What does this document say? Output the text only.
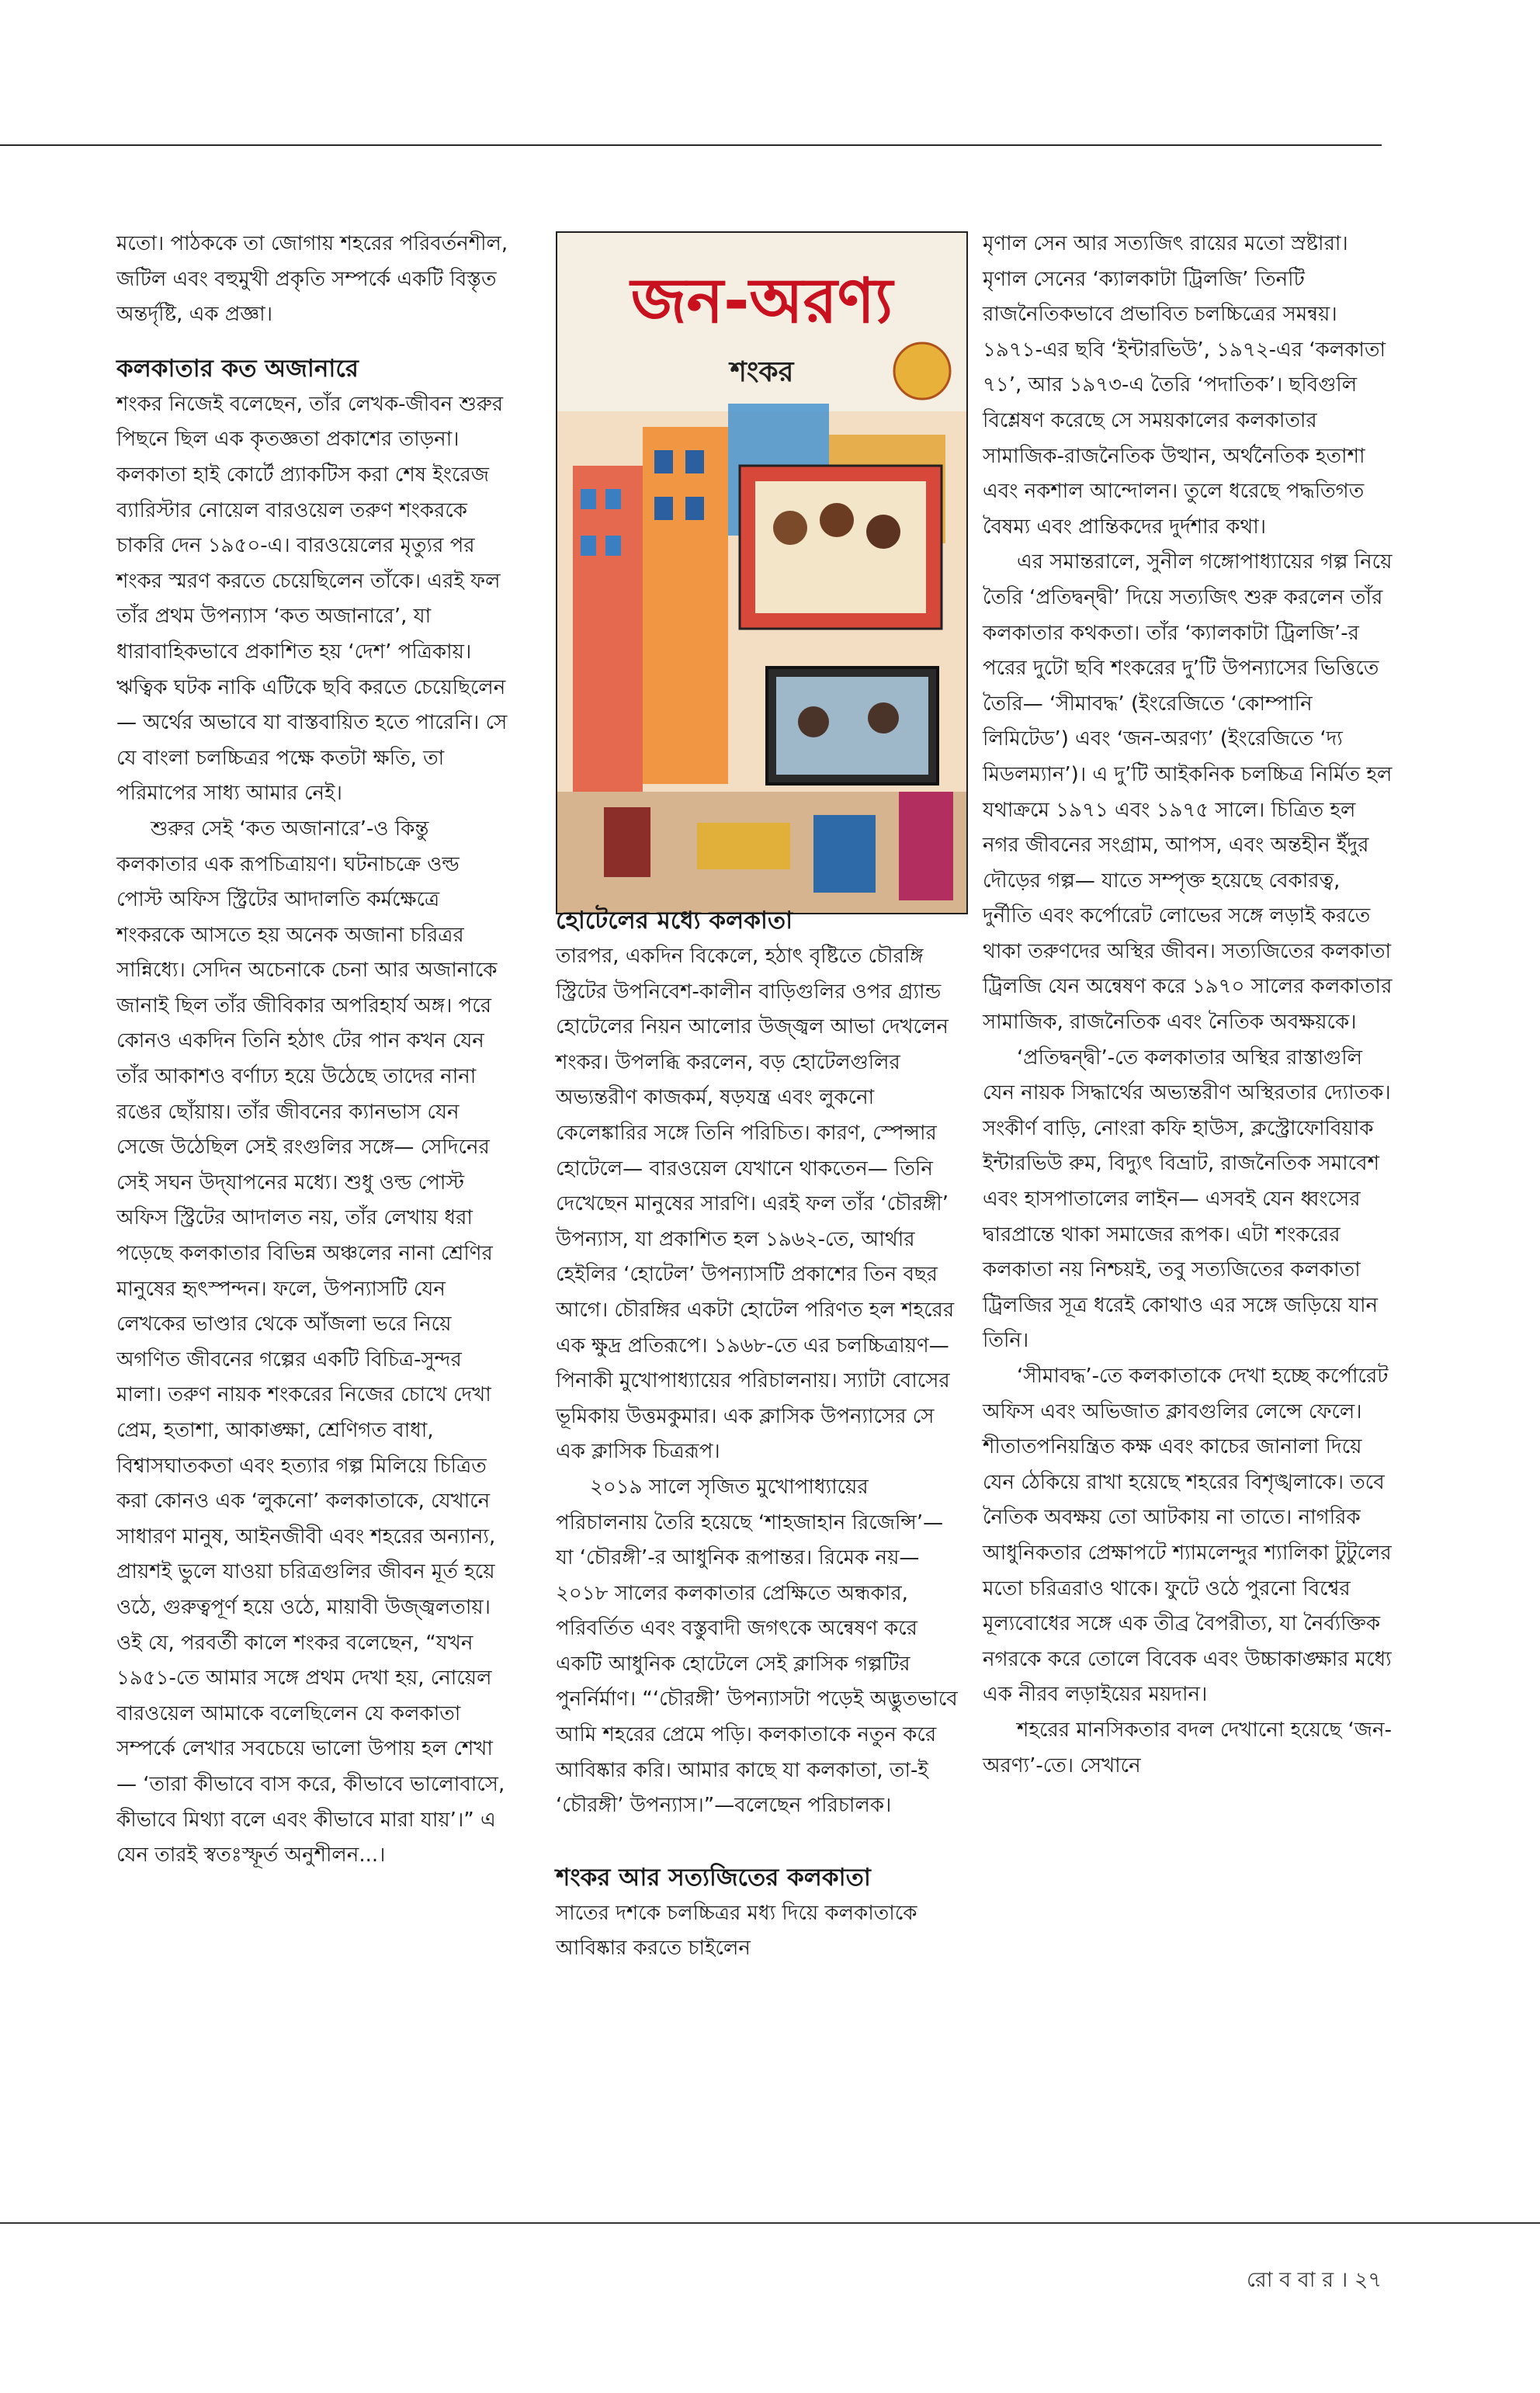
মতো। পাঠককে তা জোগায় শহরের পরিবর্তনশীল, জটিল এবং বহুমুখী প্রকৃতি সম্পর্কে একটি বিস্তৃত অন্তর্দৃষ্টি, এক প্রজ্ঞা।

কলকাতার কত অজানারে

শংকর নিজেই বলেছেন, তাঁর লেখক-জীবন শুরুর পিছনে ছিল এক কৃতজ্ঞতা প্রকাশের তাড়না। কলকাতা হাই কোর্টে প্র্যাকটিস করা শেষ ইংরেজ ব্যারিস্টার নোয়েল বারওয়েল তরুণ শংকরকে চাকরি দেন ১৯৫০-এ। বারওয়েলের মৃত্যুর পর শংকর স্মরণ করতে চেয়েছিলেন তাঁকে। এরই ফল তাঁর প্রথম উপন্যাস ‘কত অজানারে’, যা ধারাবাহিকভাবে প্রকাশিত হয় ‘দেশ’ পত্রিকায়। ঋত্বিক ঘটক নাকি এটিকে ছবি করতে চেয়েছিলেন— অর্থের অভাবে যা বাস্তবায়িত হতে পারেনি। সে যে বাংলা চলচ্চিত্রর পক্ষে কতটা ক্ষতি, তা পরিমাপের সাধ্য আমার নেই।

শুরুর সেই ‘কত অজানারে’-ও কিন্তু কলকাতার এক রূপচিত্রায়ণ। ঘটনাচক্রে ওল্ড পোস্ট অফিস স্ট্রিটের আদালতি কর্মক্ষেত্রে শংকরকে আসতে হয় অনেক অজানা চরিত্রর সান্নিধ্যে। সেদিন অচেনাকে চেনা আর অজানাকে জানাই ছিল তাঁর জীবিকার অপরিহার্য অঙ্গ। পরে কোনও একদিন তিনি হঠাৎ টের পান কখন যেন তাঁর আকাশও বর্ণাঢ্য হয়ে উঠেছে তাদের নানা রঙের ছোঁয়ায়। তাঁর জীবনের ক্যানভাস যেন সেজে উঠেছিল সেই রংগুলির সঙ্গে— সেদিনের সেই সঘন উদ্‌যাপনের মধ্যে। শুধু ওল্ড পোস্ট অফিস স্ট্রিটের আদালত নয়, তাঁর লেখায় ধরা পড়েছে কলকাতার বিভিন্ন অঞ্চলের নানা শ্রেণির মানুষের হৃৎস্পন্দন। ফলে, উপন্যাসটি যেন লেখকের ভাণ্ডার থেকে আঁজলা ভরে নিয়ে অগণিত জীবনের গল্পের একটি বিচিত্র-সুন্দর মালা। তরুণ নায়ক শংকরের নিজের চোখে দেখা প্রেম, হতাশা, আকাঙ্ক্ষা, শ্রেণিগত বাধা, বিশ্বাসঘাতকতা এবং হত্যার গল্প মিলিয়ে চিত্রিত করা কোনও এক ‘লুকনো’ কলকাতাকে, যেখানে সাধারণ মানুষ, আইনজীবী এবং শহরের অন্যান্য, প্রায়শই ভুলে যাওয়া চরিত্রগুলির জীবন মূর্ত হয়ে ওঠে, গুরুত্বপূর্ণ হয়ে ওঠে, মায়াবী উজ্জ্বলতায়। ওই যে, পরবর্তী কালে শংকর বলেছেন, “যখন ১৯৫১-তে আমার সঙ্গে প্রথম দেখা হয়, নোয়েল বারওয়েল আমাকে বলেছিলেন যে কলকাতা সম্পর্কে লেখার সবচেয়ে ভালো উপায় হল শেখা— ‘তারা কীভাবে বাস করে, কীভাবে ভালোবাসে, কীভাবে মিথ্যা বলে এবং কীভাবে মারা যায়’।” এ যেন তারই স্বতঃস্ফূর্ত অনুশীলন...।

জন-অরণ্য
শংকর
হোটেলের মধ্যে কলকাতা

তারপর, একদিন বিকেলে, হঠাৎ বৃষ্টিতে চৌরঙ্গি স্ট্রিটের উপনিবেশ-কালীন বাড়িগুলির ওপর গ্র্যান্ড হোটেলের নিয়ন আলোর উজ্জ্বল আভা দেখলেন শংকর। উপলব্ধি করলেন, বড় হোটেলগুলির অভ্যন্তরীণ কাজকর্ম, ষড়যন্ত্র এবং লুকনো কেলেঙ্কারির সঙ্গে তিনি পরিচিত। কারণ, স্পেন্সার হোটেলে— বারওয়েল যেখানে থাকতেন— তিনি দেখেছেন মানুষের সারণি। এরই ফল তাঁর ‘চৌরঙ্গী’ উপন্যাস, যা প্রকাশিত হল ১৯৬২-তে, আর্থার হেইলির ‘হোটেল’ উপন্যাসটি প্রকাশের তিন বছর আগে। চৌরঙ্গির একটা হোটেল পরিণত হল শহরের এক ক্ষুদ্র প্রতিরূপে। ১৯৬৮-তে এর চলচ্চিত্রায়ণ— পিনাকী মুখোপাধ্যায়ের পরিচালনায়। স্যাটা বোসের ভূমিকায় উত্তমকুমার। এক ক্লাসিক উপন্যাসের সে এক ক্লাসিক চিত্ররূপ।

২০১৯ সালে সৃজিত মুখোপাধ্যায়ের পরিচালনায় তৈরি হয়েছে ‘শাহজাহান রিজেন্সি’— যা ‘চৌরঙ্গী’-র আধুনিক রূপান্তর। রিমেক নয়— ২০১৮ সালের কলকাতার প্রেক্ষিতে অন্ধকার, পরিবর্তিত এবং বস্তুবাদী জগৎকে অন্বেষণ করে একটি আধুনিক হোটেলে সেই ক্লাসিক গল্পটির পুনর্নির্মাণ। “‘চৌরঙ্গী’ উপন্যাসটা পড়েই অদ্ভুতভাবে আমি শহরের প্রেমে পড়ি। কলকাতাকে নতুন করে আবিষ্কার করি। আমার কাছে যা কলকাতা, তা-ই ‘চৌরঙ্গী’ উপন্যাস।”—বলেছেন পরিচালক।

শংকর আর সত্যজিতের কলকাতা

সাতের দশকে চলচ্চিত্রর মধ্য দিয়ে কলকাতাকে আবিষ্কার করতে চাইলেন

মৃণাল সেন আর সত্যজিৎ রায়ের মতো স্রষ্টারা। মৃণাল সেনের ‘ক্যালকাটা ট্রিলজি’ তিনটি রাজনৈতিকভাবে প্রভাবিত চলচ্চিত্রের সমন্বয়। ১৯৭১-এর ছবি ‘ইন্টারভিউ’, ১৯৭২-এর ‘কলকাতা ৭১’, আর ১৯৭৩-এ তৈরি ‘পদাতিক’। ছবিগুলি বিশ্লেষণ করেছে সে সময়কালের কলকাতার সামাজিক-রাজনৈতিক উত্থান, অর্থনৈতিক হতাশা এবং নকশাল আন্দোলন। তুলে ধরেছে পদ্ধতিগত বৈষম্য এবং প্রান্তিকদের দুর্দশার কথা।

এর সমান্তরালে, সুনীল গঙ্গোপাধ্যায়ের গল্প নিয়ে তৈরি ‘প্রতিদ্বন্দ্বী’ দিয়ে সত্যজিৎ শুরু করলেন তাঁর কলকাতার কথকতা। তাঁর ‘ক্যালকাটা ট্রিলজি’-র পরের দুটো ছবি শংকরের দু’টি উপন্যাসের ভিত্তিতে তৈরি— ‘সীমাবদ্ধ’ (ইংরেজিতে ‘কোম্পানি লিমিটেড’) এবং ‘জন-অরণ্য’ (ইংরেজিতে ‘দ্য মিডলম্যান’)। এ দু’টি আইকনিক চলচ্চিত্র নির্মিত হল যথাক্রমে ১৯৭১ এবং ১৯৭৫ সালে। চিত্রিত হল নগর জীবনের সংগ্রাম, আপস, এবং অন্তহীন ইঁদুর দৌড়ের গল্প— যাতে সম্পৃক্ত হয়েছে বেকারত্ব, দুর্নীতি এবং কর্পোরেট লোভের সঙ্গে লড়াই করতে থাকা তরুণদের অস্থির জীবন। সত্যজিতের কলকাতা ট্রিলজি যেন অন্বেষণ করে ১৯৭০ সালের কলকাতার সামাজিক, রাজনৈতিক এবং নৈতিক অবক্ষয়কে।

‘প্রতিদ্বন্দ্বী’-তে কলকাতার অস্থির রাস্তাগুলি যেন নায়ক সিদ্ধার্থের অভ্যন্তরীণ অস্থিরতার দ্যোতক। সংকীর্ণ বাড়ি, নোংরা কফি হাউস, ক্লস্ট্রোফোবিয়াক ইন্টারভিউ রুম, বিদ্যুৎ বিভ্রাট, রাজনৈতিক সমাবেশ এবং হাসপাতালের লাইন— এসবই যেন ধ্বংসের দ্বারপ্রান্তে থাকা সমাজের রূপক। এটা শংকরের কলকাতা নয় নিশ্চয়ই, তবু সত্যজিতের কলকাতা ট্রিলজির সূত্র ধরেই কোথাও এর সঙ্গে জড়িয়ে যান তিনি।

‘সীমাবদ্ধ’-তে কলকাতাকে দেখা হচ্ছে কর্পোরেট অফিস এবং অভিজাত ক্লাবগুলির লেন্সে ফেলে। শীতাতপনিয়ন্ত্রিত কক্ষ এবং কাচের জানালা দিয়ে যেন ঠেকিয়ে রাখা হয়েছে শহরের বিশৃঙ্খলাকে। তবে নৈতিক অবক্ষয় তো আটকায় না তাতে। নাগরিক আধুনিকতার প্রেক্ষাপটে শ্যামলেন্দুর শ্যালিকা টুটুলের মতো চরিত্ররাও থাকে। ফুটে ওঠে পুরনো বিশ্বের মূল্যবোধের সঙ্গে এক তীব্র বৈপরীত্য, যা নৈর্ব্যক্তিক নগরকে করে তোলে বিবেক এবং উচ্চাকাঙ্ক্ষার মধ্যে এক নীরব লড়াইয়ের ময়দান।

শহরের মানসিকতার বদল দেখানো হয়েছে ‘জন-অরণ্য’-তে। সেখানে

রো ব বা র । ২৭
